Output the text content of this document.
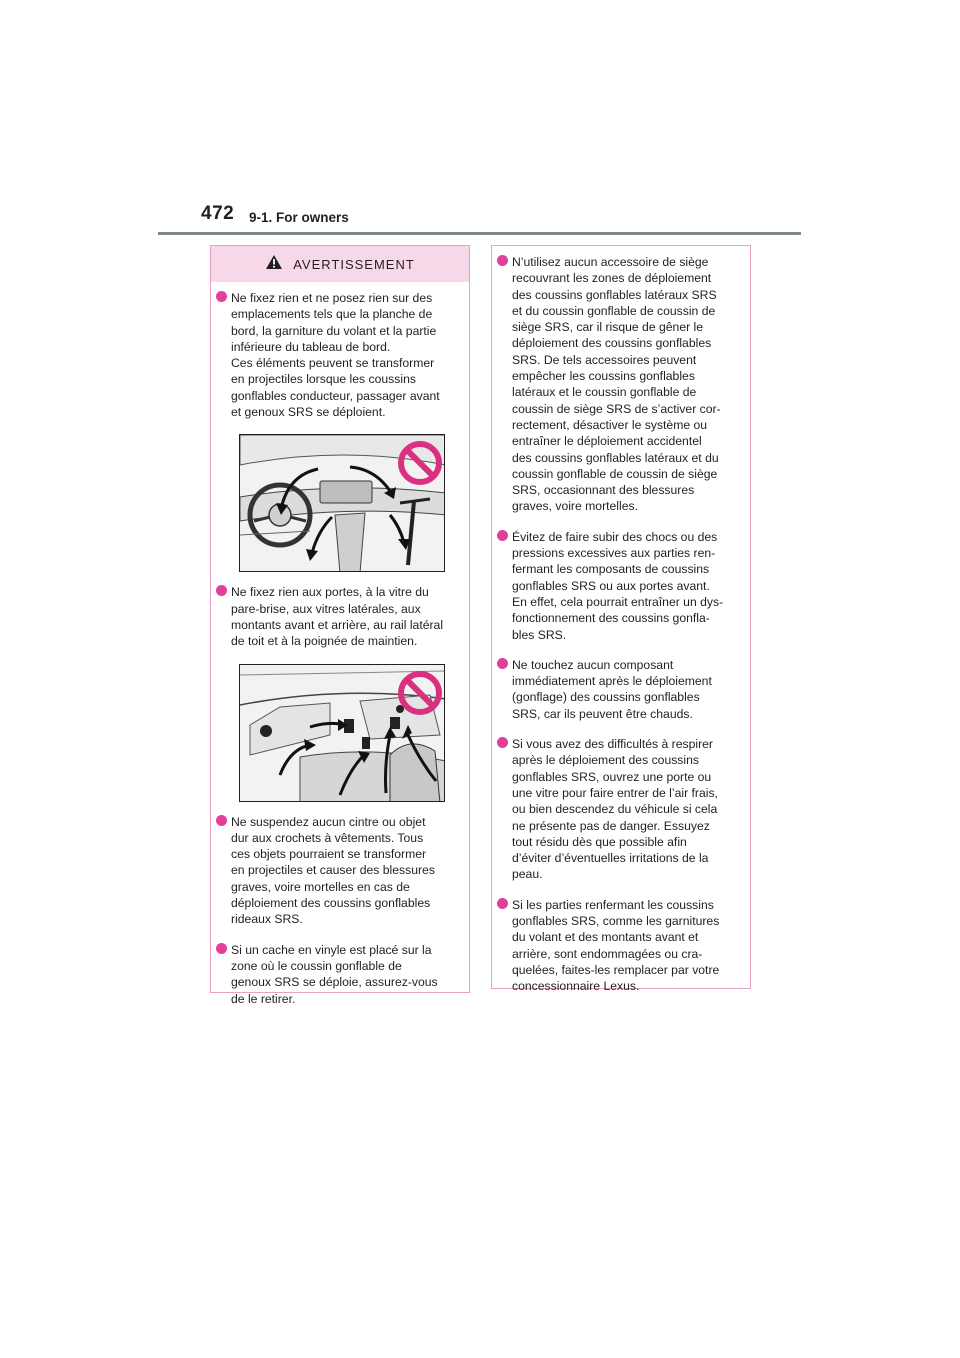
472 9-1. For owners
AVERTISSEMENT
Ne fixez rien et ne posez rien sur des
emplacements tels que la planche de
bord, la garniture du volant et la partie
inférieure du tableau de bord.
Ces éléments peuvent se transformer
en projectiles lorsque les coussins
gonflables conducteur, passager avant
et genoux SRS se déploient.
Ne fixez rien aux portes, à la vitre du
pare-brise, aux vitres latérales, aux
montants avant et arrière, au rail latéral
de toit et à la poignée de maintien.
Ne suspendez aucun cintre ou objet
dur aux crochets à vêtements. Tous
ces objets pourraient se transformer
en projectiles et causer des blessures
graves, voire mortelles en cas de
déploiement des coussins gonflables
rideaux SRS.
Si un cache en vinyle est placé sur la
zone où le coussin gonflable de
genoux SRS se déploie, assurez-vous
de le retirer.
N’utilisez aucun accessoire de siège
recouvrant les zones de déploiement
des coussins gonflables latéraux SRS
et du coussin gonflable de coussin de
siège SRS, car il risque de gêner le
déploiement des coussins gonflables
SRS. De tels accessoires peuvent
empêcher les coussins gonflables
latéraux et le coussin gonflable de
coussin de siège SRS de s’activer cor-
rectement, désactiver le système ou
entraîner le déploiement accidentel
des coussins gonflables latéraux et du
coussin gonflable de coussin de siège
SRS, occasionnant des blessures
graves, voire mortelles.
Évitez de faire subir des chocs ou des
pressions excessives aux parties ren-
fermant les composants de coussins
gonflables SRS ou aux portes avant.
En effet, cela pourrait entraîner un dys-
fonctionnement des coussins gonfla-
bles SRS.
Ne touchez aucun composant
immédiatement après le déploiement
(gonflage) des coussins gonflables
SRS, car ils peuvent être chauds.
Si vous avez des difficultés à respirer
après le déploiement des coussins
gonflables SRS, ouvrez une porte ou
une vitre pour faire entrer de l’air frais,
ou bien descendez du véhicule si cela
ne présente pas de danger. Essuyez
tout résidu dès que possible afin
d’éviter d’éventuelles irritations de la
peau.
Si les parties renfermant les coussins
gonflables SRS, comme les garnitures
du volant et des montants avant et
arrière, sont endommagées ou cra-
quelées, faites-les remplacer par votre
concessionnaire Lexus.
